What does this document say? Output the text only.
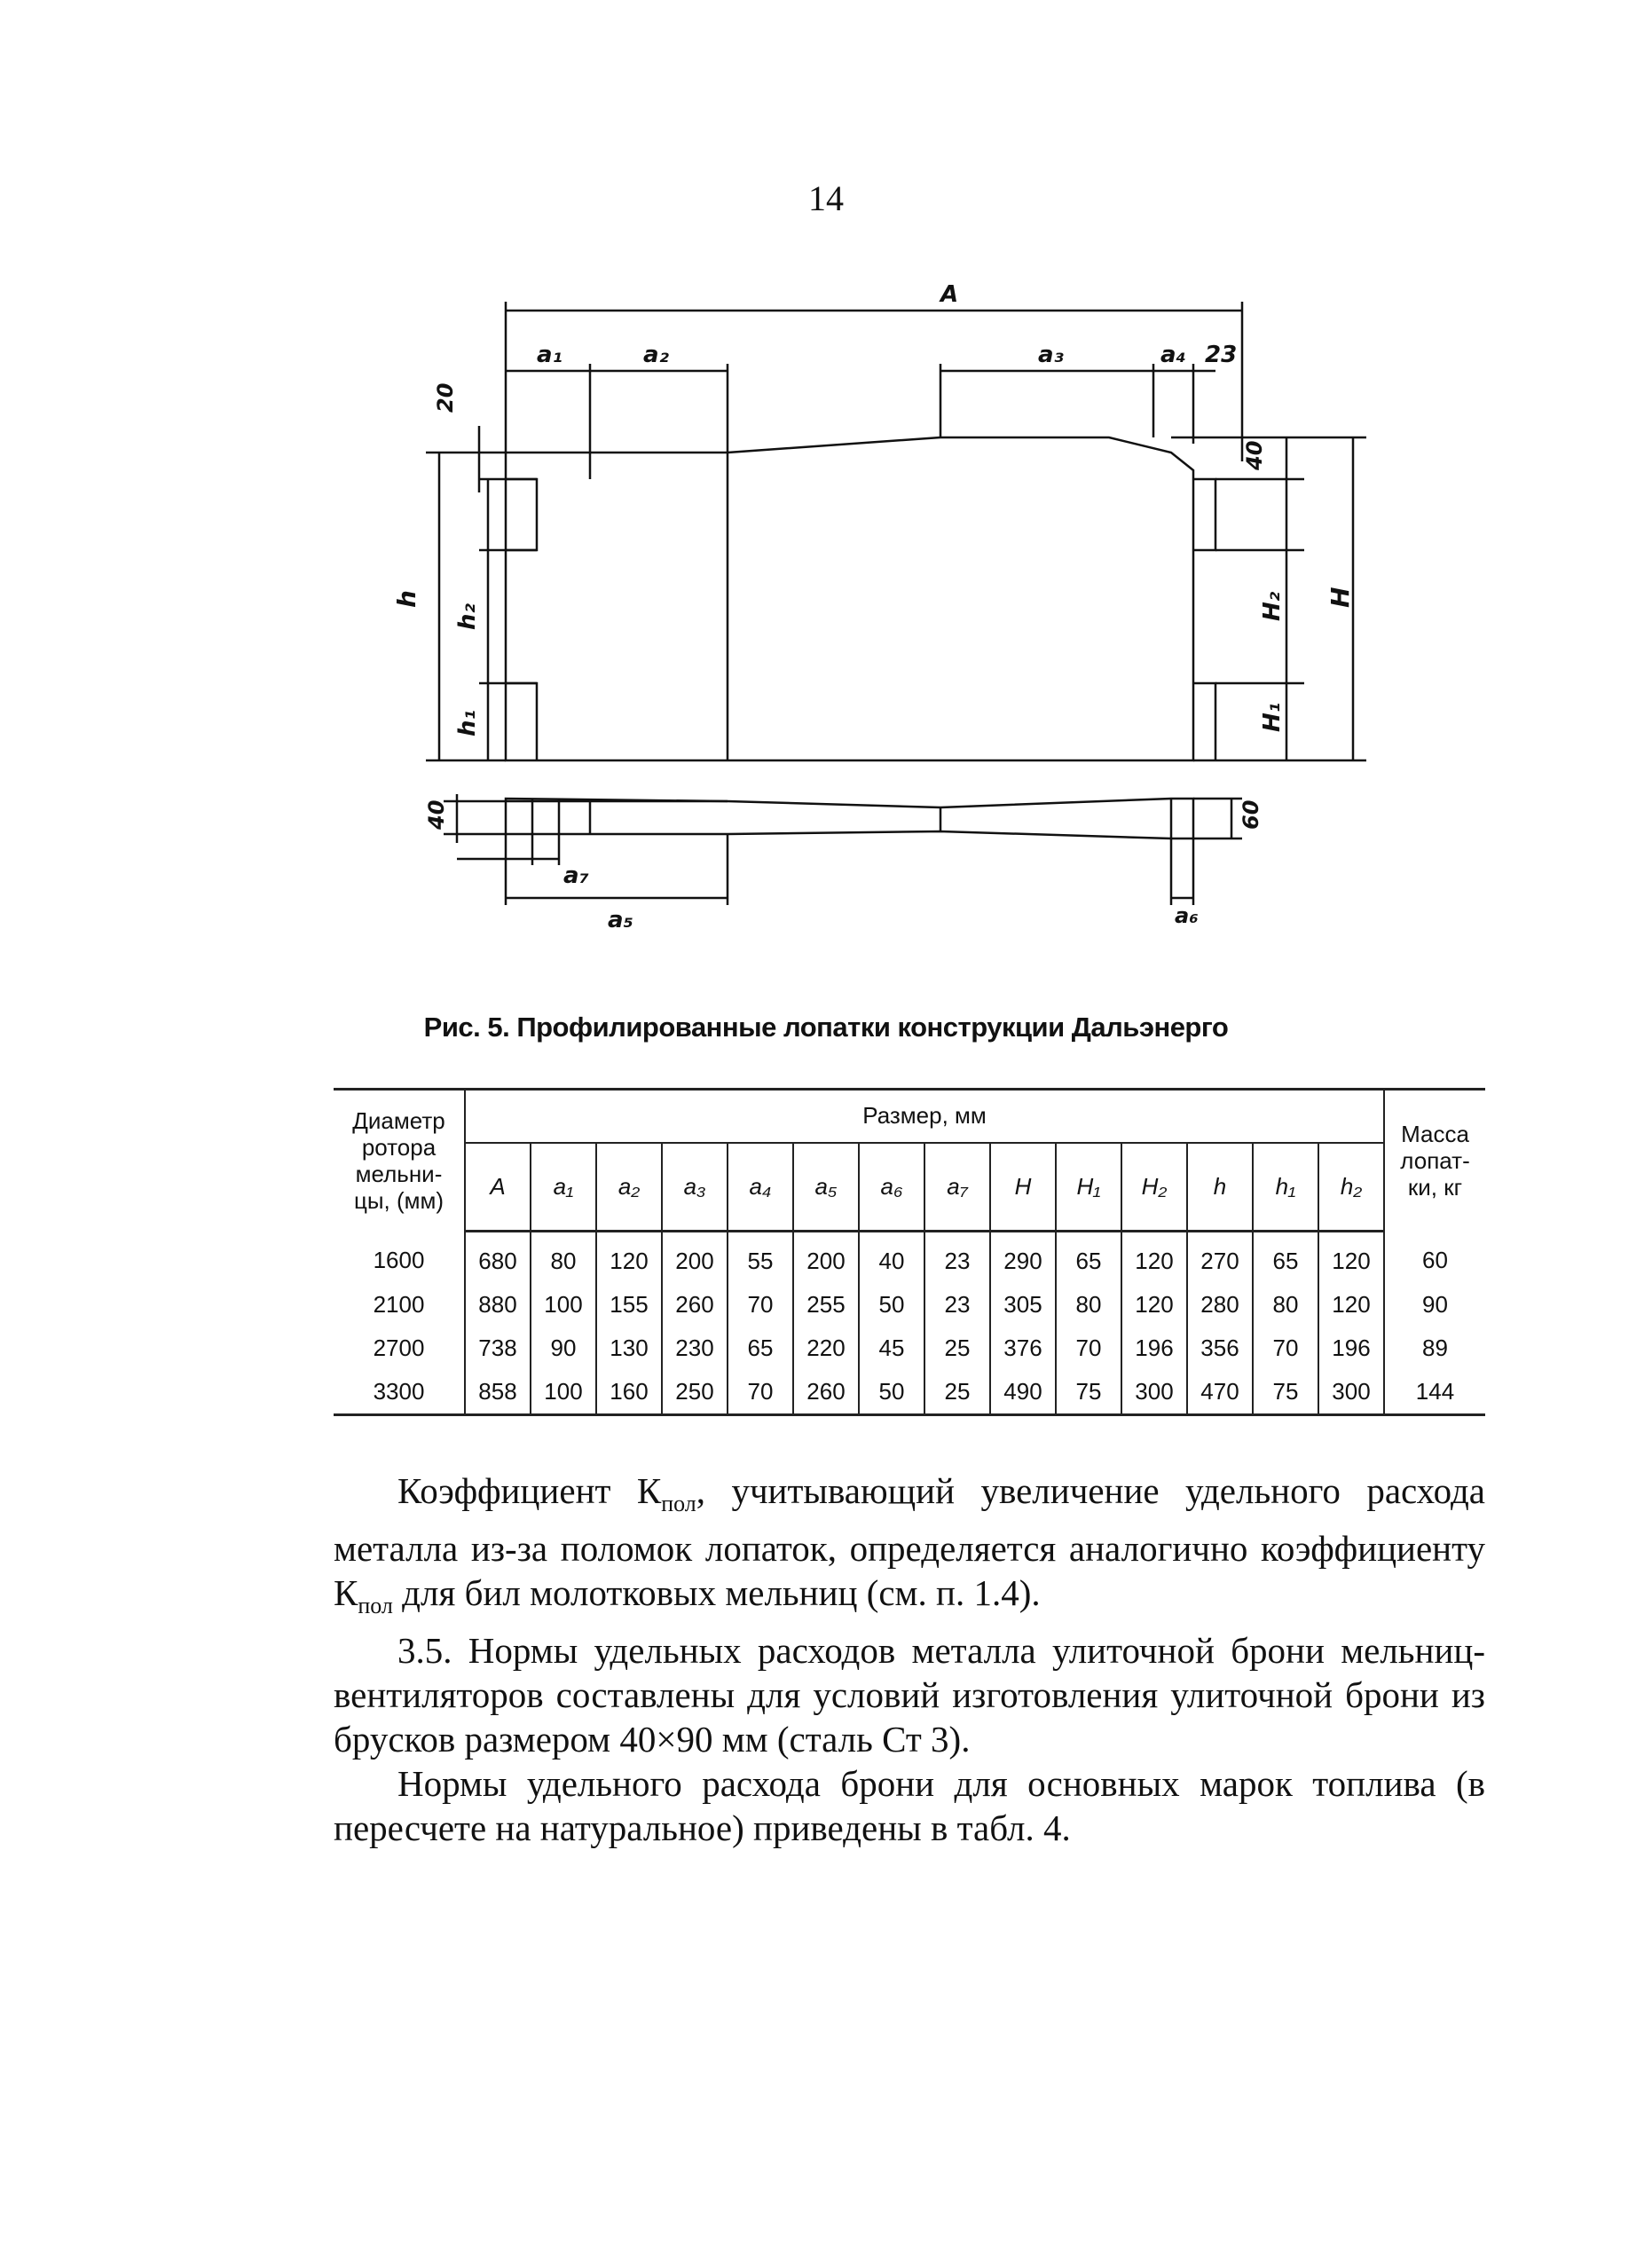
14
A
a₁	a₂	a₃	a₄ 23
20
40
H
H₂
H₁
h
h₂
h₁
40	60
a₇
a₅	a₆
Рис. 5. Профилированные лопатки конструкции Дальэнерго
Диаметр ротора мельни-цы, (мм)	Размер, мм														Масса лопат-ки, кг
	A	a₁	a₂	a₃	a₄	a₅	a₆	a₇	H	H₁	H₂	h	h₁	h₂	
1600	680	80	120	200	55	200	40	23	290	65	120	270	65	120	60
2100	880	100	155	260	70	255	50	23	305	80	120	280	80	120	90
2700	738	90	130	230	65	220	45	25	376	70	196	356	70	196	89
3300	858	100	160	250	70	260	50	25	490	75	300	470	75	300	144

Коэффициент $К_{пол}$, учитывающий увеличение удельного расхода металла из-за поломок лопаток, определяется аналогично коэффициенту $К_{пол}$ для бил молотковых мельниц (см. п. 1.4).

3.5. Нормы удельных расходов металла улиточной брони мельниц-вентиляторов составлены для условий изготовления улиточной брони из брусков размером 40×90 мм (сталь Ст 3).

Нормы удельного расхода брони для основных марок топлива (в пересчете на натуральное) приведены в табл. 4.
